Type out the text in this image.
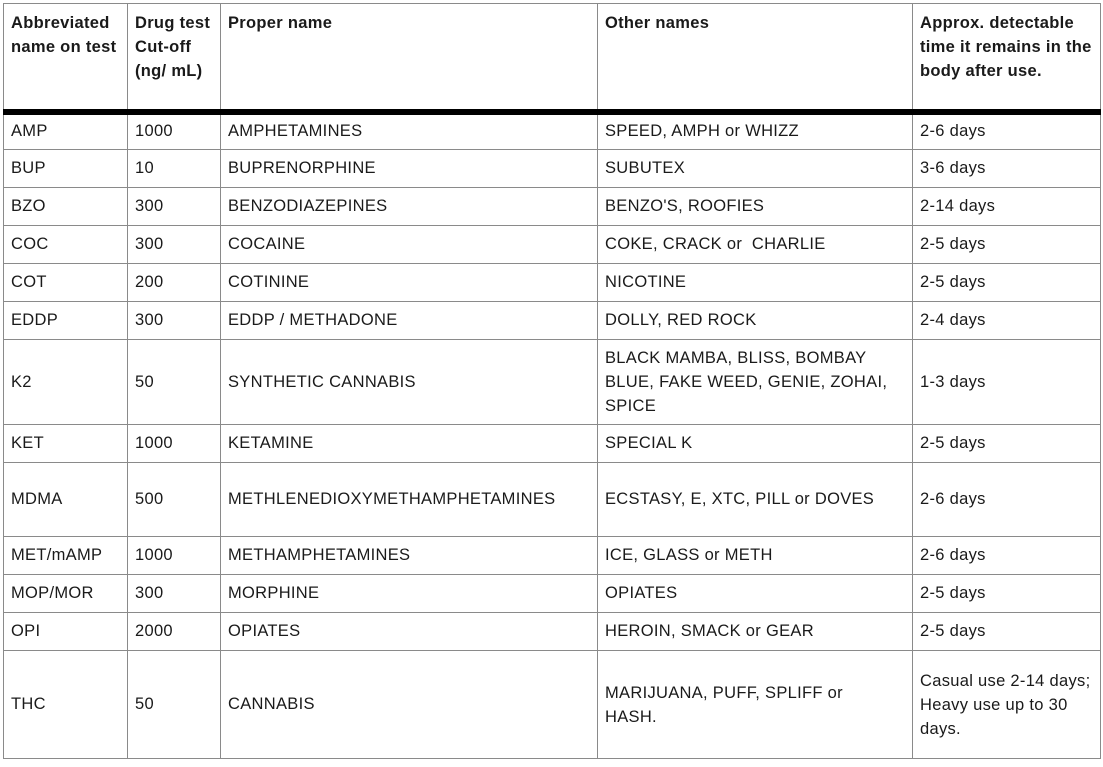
Abbreviated name on test	Drug test Cut-off (ng/ mL)	Proper name	Other names	Approx. detectable time it remains in the body after use.
AMP	1000	AMPHETAMINES	SPEED, AMPH or WHIZZ	2-6 days
BUP	10	BUPRENORPHINE	SUBUTEX	3-6 days
BZO	300	BENZODIAZEPINES	BENZO'S, ROOFIES	2-14 days
COC	300	COCAINE	COKE, CRACK or  CHARLIE	2-5 days
COT	200	COTININE	NICOTINE	2-5 days
EDDP	300	EDDP / METHADONE	DOLLY, RED ROCK	2-4 days
K2	50	SYNTHETIC CANNABIS	BLACK MAMBA, BLISS, BOMBAY BLUE, FAKE WEED, GENIE, ZOHAI, SPICE	1-3 days
KET	1000	KETAMINE	SPECIAL K	2-5 days
MDMA	500	METHLENEDIOXYMETHAMPHETAMINES	ECSTASY, E, XTC, PILL or DOVES	2-6 days
MET/mAMP	1000	METHAMPHETAMINES	ICE, GLASS or METH	2-6 days
MOP/MOR	300	MORPHINE	OPIATES	2-5 days
OPI	2000	OPIATES	HEROIN, SMACK or GEAR	2-5 days
THC	50	CANNABIS	MARIJUANA, PUFF, SPLIFF or HASH.	Casual use 2-14 days; Heavy use up to 30 days.
